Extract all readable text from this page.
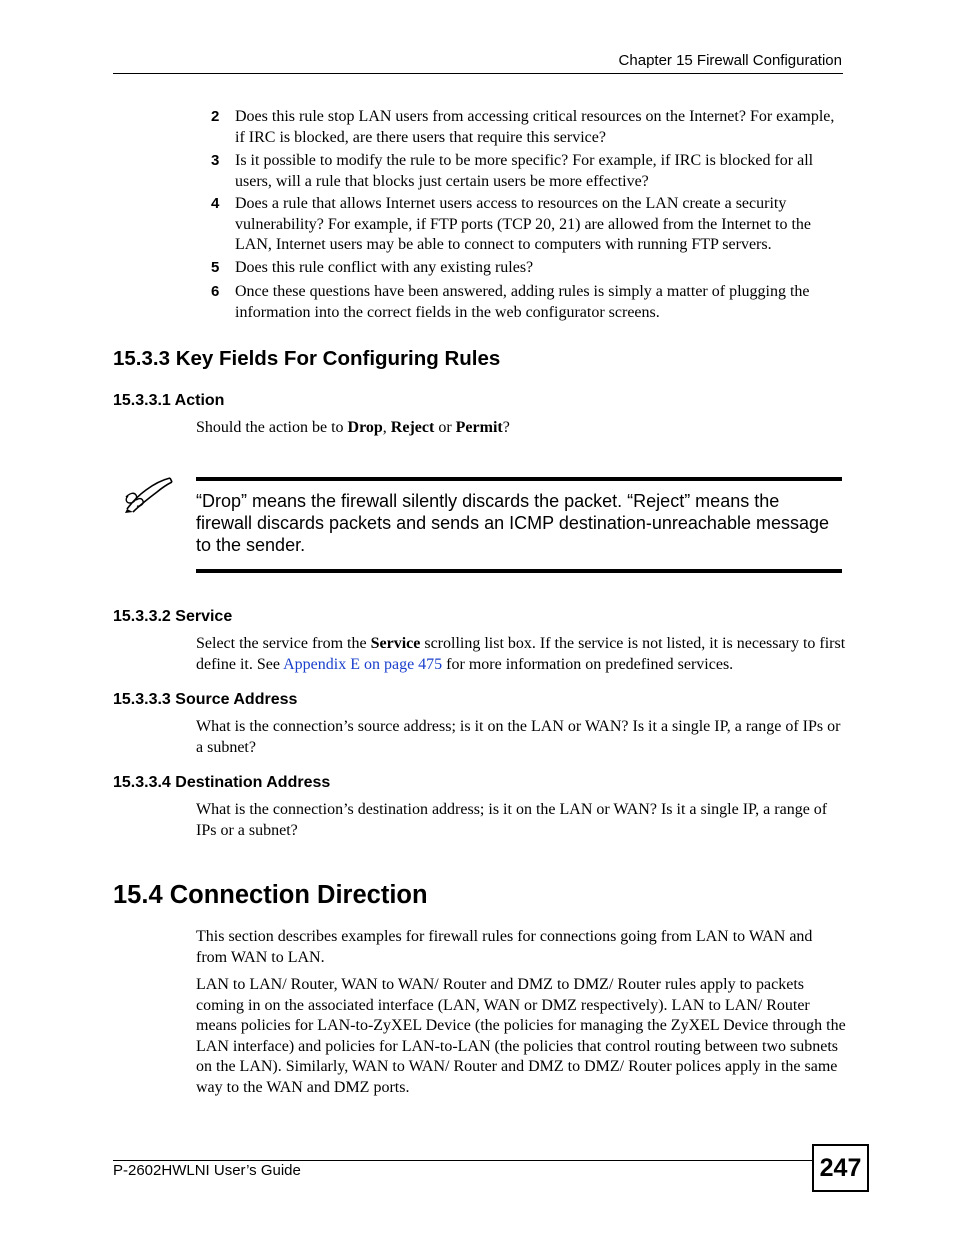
Chapter 15 Firewall Configuration
2 Does this rule stop LAN users from accessing critical resources on the Internet? For example, if IRC is blocked, are there users that require this service?
3 Is it possible to modify the rule to be more specific? For example, if IRC is blocked for all users, will a rule that blocks just certain users be more effective?
4 Does a rule that allows Internet users access to resources on the LAN create a security vulnerability? For example, if FTP ports (TCP 20, 21) are allowed from the Internet to the LAN, Internet users may be able to connect to computers with running FTP servers.
5 Does this rule conflict with any existing rules?
6 Once these questions have been answered, adding rules is simply a matter of plugging the information into the correct fields in the web configurator screens.
15.3.3 Key Fields For Configuring Rules
15.3.3.1 Action
Should the action be to Drop, Reject or Permit?
“Drop” means the firewall silently discards the packet. “Reject” means the firewall discards packets and sends an ICMP destination-unreachable message to the sender.
15.3.3.2 Service
Select the service from the Service scrolling list box. If the service is not listed, it is necessary to first define it. See Appendix E on page 475 for more information on predefined services.
15.3.3.3 Source Address
What is the connection’s source address; is it on the LAN or WAN? Is it a single IP, a range of IPs or a subnet?
15.3.3.4 Destination Address
What is the connection’s destination address; is it on the LAN or WAN? Is it a single IP, a range of IPs or a subnet?
15.4 Connection Direction
This section describes examples for firewall rules for connections going from LAN to WAN and from WAN to LAN.
LAN to LAN/ Router, WAN to WAN/ Router and DMZ to DMZ/ Router rules apply to packets coming in on the associated interface (LAN, WAN or DMZ respectively). LAN to LAN/ Router means policies for LAN-to-ZyXEL Device (the policies for managing the ZyXEL Device through the LAN interface) and policies for LAN-to-LAN (the policies that control routing between two subnets on the LAN). Similarly, WAN to WAN/ Router and DMZ to DMZ/ Router polices apply in the same way to the WAN and DMZ ports.
P-2602HWLNI User’s Guide	247
